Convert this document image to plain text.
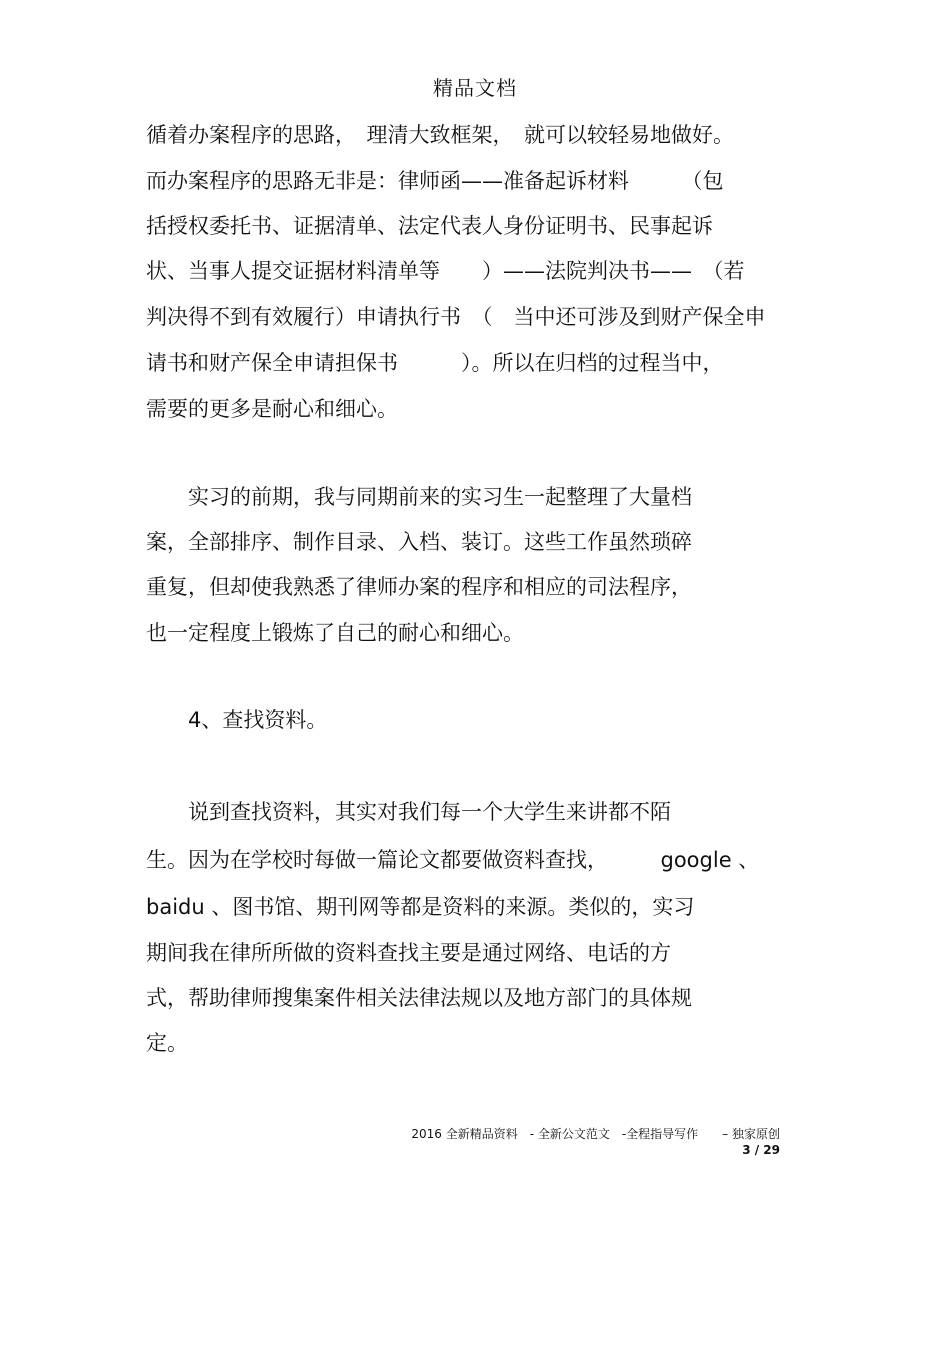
精品文档
循着办案程序的思路，　理清大致框架，　就可以较轻易地做好。
而办案程序的思路无非是：律师函——准备起诉材料　　　（包
括授权委托书、证据清单、法定代表人身份证明书、民事起诉
状、当事人提交证据材料清单等　　）——法院判决书——　（若
判决得不到有效履行）申请执行书　（　当中还可涉及到财产保全申
请书和财产保全申请担保书　　　）。所以在归档的过程当中，
需要的更多是耐心和细心。
　　实习的前期，我与同期前来的实习生一起整理了大量档
案，全部排序、制作目录、入档、装订。这些工作虽然琐碎
重复，但却使我熟悉了律师办案的程序和相应的司法程序，
也一定程度上锻炼了自己的耐心和细心。
　　4、查找资料。
　　说到查找资料，其实对我们每一个大学生来讲都不陌
生。因为在学校时每做一篇论文都要做资料查找，　　　google 、
baidu 、图书馆、期刊网等都是资料的来源。类似的，实习
期间我在律所所做的资料查找主要是通过网络、电话的方
式，帮助律师搜集案件相关法律法规以及地方部门的具体规
定。
2016 全新精品资料　- 全新公文范文　-全程指导写作　　– 独家原创
3 / 29
